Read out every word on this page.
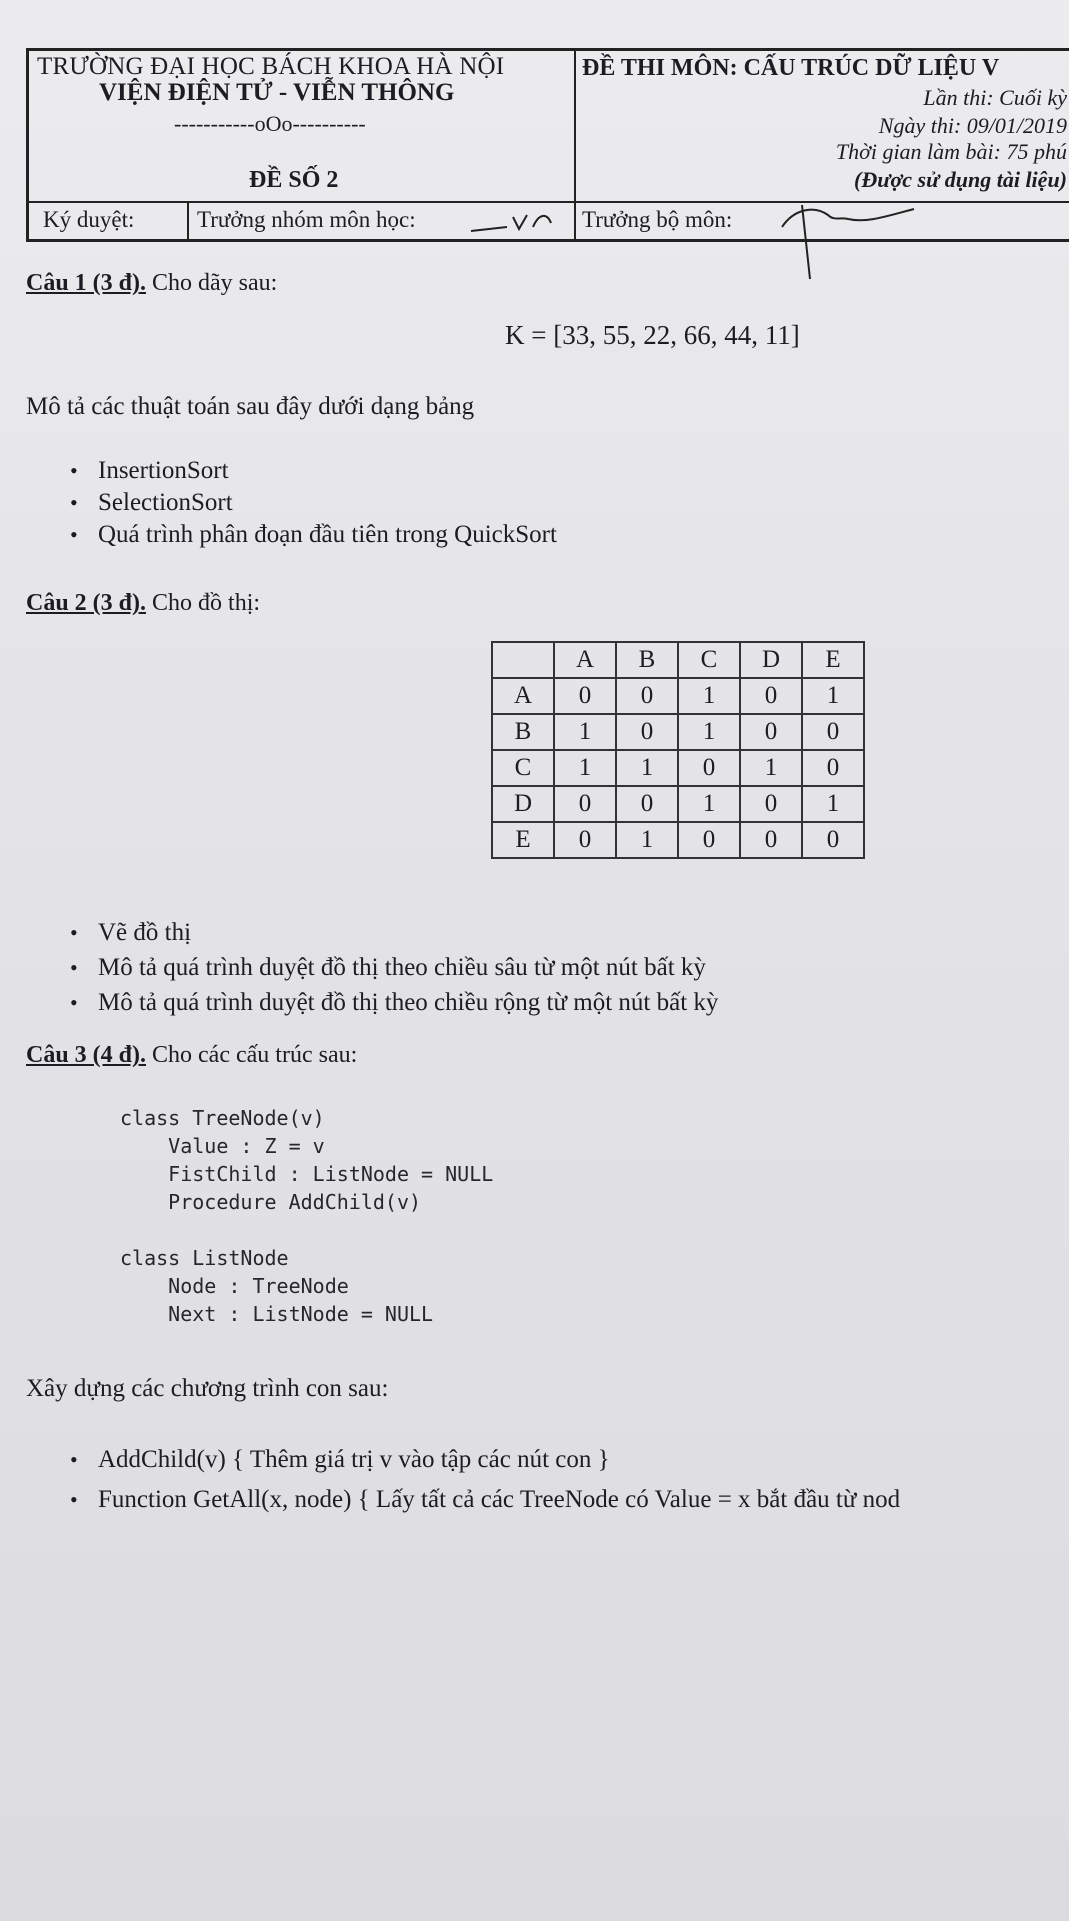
TRƯỜNG ĐẠI HỌC BÁCH KHOA HÀ NỘI
VIỆN ĐIỆN TỬ - VIỄN THÔNG
-----------oOo----------
ĐỀ SỐ 2
ĐỀ THI MÔN: CẤU TRÚC DỮ LIỆU V
Lần thi: Cuối kỳ
Ngày thi: 09/01/2019
Thời gian làm bài: 75 phú
(Được sử dụng tài liệu)
Ký duyệt:	Trưởng nhóm môn học:	Trưởng bộ môn:
Câu 1 (3 đ). Cho dãy sau:
K = [33, 55, 22, 66, 44, 11]
Mô tả các thuật toán sau đây dưới dạng bảng
• InsertionSort
• SelectionSort
• Quá trình phân đoạn đầu tiên trong QuickSort
Câu 2 (3 đ). Cho đồ thị:
	A	B	C	D	E
A	0	0	1	0	1
B	1	0	1	0	0
C	1	1	0	1	0
D	0	0	1	0	1
E	0	1	0	0	0
• Vẽ đồ thị
• Mô tả quá trình duyệt đồ thị theo chiều sâu từ một nút bất kỳ
• Mô tả quá trình duyệt đồ thị theo chiều rộng từ một nút bất kỳ
Câu 3 (4 đ). Cho các cấu trúc sau:
class TreeNode(v)
Value : Z = v
FistChild : ListNode = NULL
Procedure AddChild(v)

class ListNode
Node : TreeNode
Next : ListNode = NULL
Xây dựng các chương trình con sau:
• AddChild(v) { Thêm giá trị v vào tập các nút con }
• Function GetAll(x, node) { Lấy tất cả các TreeNode có Value = x bắt đầu từ nod
